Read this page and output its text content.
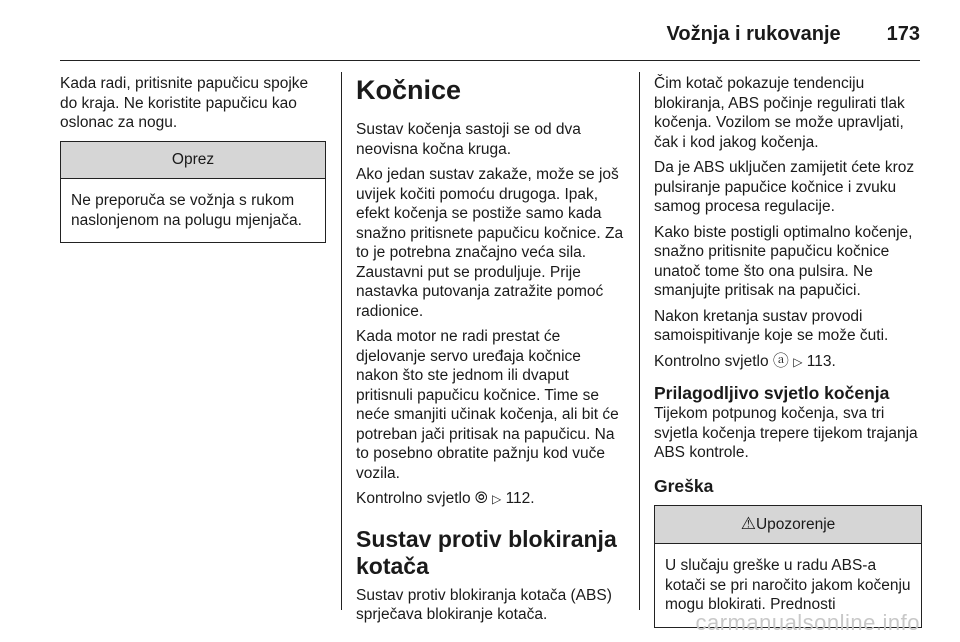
Vožnja i rukovanje 173

Kada radi, pritisnite papučicu spojke do kraja. Ne koristite papučicu kao oslonac za nogu.

Oprez
Ne preporuča se vožnja s rukom naslonjenom na polugu mjenjača.
Kočnice

Sustav kočenja sastoji se od dva neovisna kočna kruga.

Ako jedan sustav zakaže, može se još uvijek kočiti pomoću drugoga. Ipak, efekt kočenja se postiže samo kada snažno pritisnete papučicu kočnice. Za to je potrebna značajno veća sila. Zaustavni put se produljuje. Prije nastavka putovanja zatražite pomoć radionice.

Kada motor ne radi prestat će djelovanje servo uređaja kočnice nakon što ste jednom ili dvaput pritisnuli papučicu kočnice. Time se neće smanjiti učinak kočenja, ali bit će potreban jači pritisak na papučicu. Na to posebno obratite pažnju kod vuče vozila.

Kontrolno svjetlo ⦾ ▷ 112.

Sustav protiv blokiranja kotača

Sustav protiv blokiranja kotača (ABS) sprječava blokiranje kotača.

Čim kotač pokazuje tendenciju blokiranja, ABS počinje regulirati tlak kočenja. Vozilom se može upravljati, čak i kod jakog kočenja.

Da je ABS uključen zamijetit ćete kroz pulsiranje papučice kočnice i zvuku samog procesa regulacije.

Kako biste postigli optimalno kočenje, snažno pritisnite papučicu kočnice unatoč tome što ona pulsira. Ne smanjujte pritisak na papučici.

Nakon kretanja sustav provodi samoispitivanje koje se može čuti.

Kontrolno svjetlo ⓐ ▷ 113.

Prilagodljivo svjetlo kočenja

Tijekom potpunog kočenja, sva tri svjetla kočenja trepere tijekom trajanja ABS kontrole.

Greška
⚠Upozorenje
U slučaju greške u radu ABS-a kotači se pri naročito jakom kočenju mogu blokirati. Prednosti
carmanualsonline.info
